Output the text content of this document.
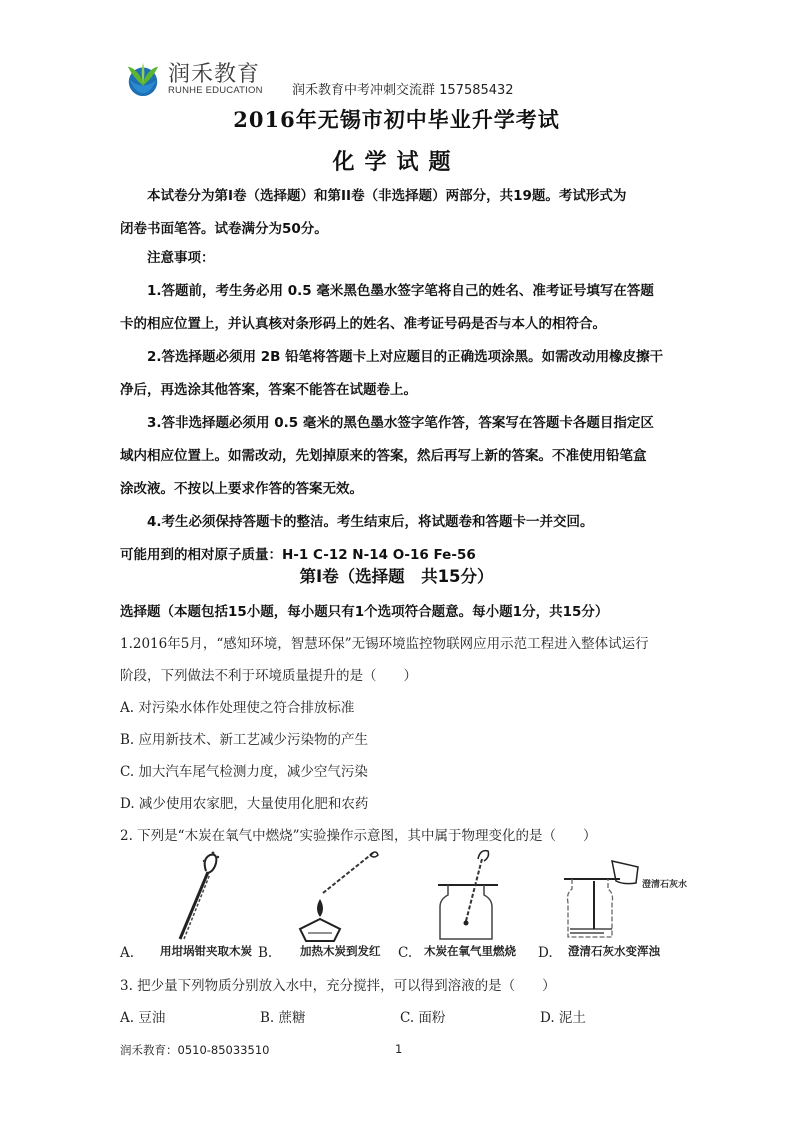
润禾教育
RUNHE EDUCATION 润禾教育中考冲刺交流群 157585432
2016年无锡市初中毕业升学考试
化学试题
本试卷分为第Ⅰ卷（选择题）和第II卷（非选择题）两部分，共19题。考试形式为
闭卷书面笔答。试卷满分为50分。
注意事项：
1.答题前，考生务必用 0.5 毫米黑色墨水签字笔将自己的姓名、准考证号填写在答题
卡的相应位置上，并认真核对条形码上的姓名、准考证号码是否与本人的相符合。
2.答选择题必须用 2B 铅笔将答题卡上对应题目的正确选项涂黑。如需改动用橡皮擦干
净后，再选涂其他答案，答案不能答在试题卷上。
3.答非选择题必须用 0.5 毫米的黑色墨水签字笔作答，答案写在答题卡各题目指定区
域内相应位置上。如需改动，先划掉原来的答案，然后再写上新的答案。不准使用铅笔盒
涂改液。不按以上要求作答的答案无效。
4.考生必须保持答题卡的整洁。考生结束后，将试题卷和答题卡一并交回。
可能用到的相对原子质量：H-1 C-12 N-14 O-16 Fe-56
第Ⅰ卷（选择题　共15分）
选择题（本题包括15小题，每小题只有1个选项符合题意。每小题1分，共15分）
1.2016年5月，“感知环境，智慧环保”无锡环境监控物联网应用示范工程进入整体试运行
阶段，下列做法不利于环境质量提升的是（　　）
A. 对污染水体作处理使之符合排放标准
B. 应用新技术、新工艺减少污染物的产生
C. 加大汽车尾气检测力度，减少空气污染
D. 减少使用农家肥，大量使用化肥和农药
2. 下列是“木炭在氧气中燃烧”实验操作示意图，其中属于物理变化的是（　　）
A. 用坩埚钳夹取木炭 B. 加热木炭到发红 C. 木炭在氧气里燃烧 D.
澄清石灰水
澄清石灰水变浑浊
3. 把少量下列物质分别放入水中，充分搅拌，可以得到溶液的是（　　）
A. 豆油	B. 蔗糖	C. 面粉	D. 泥土
润禾教育：0510-85033510	1
